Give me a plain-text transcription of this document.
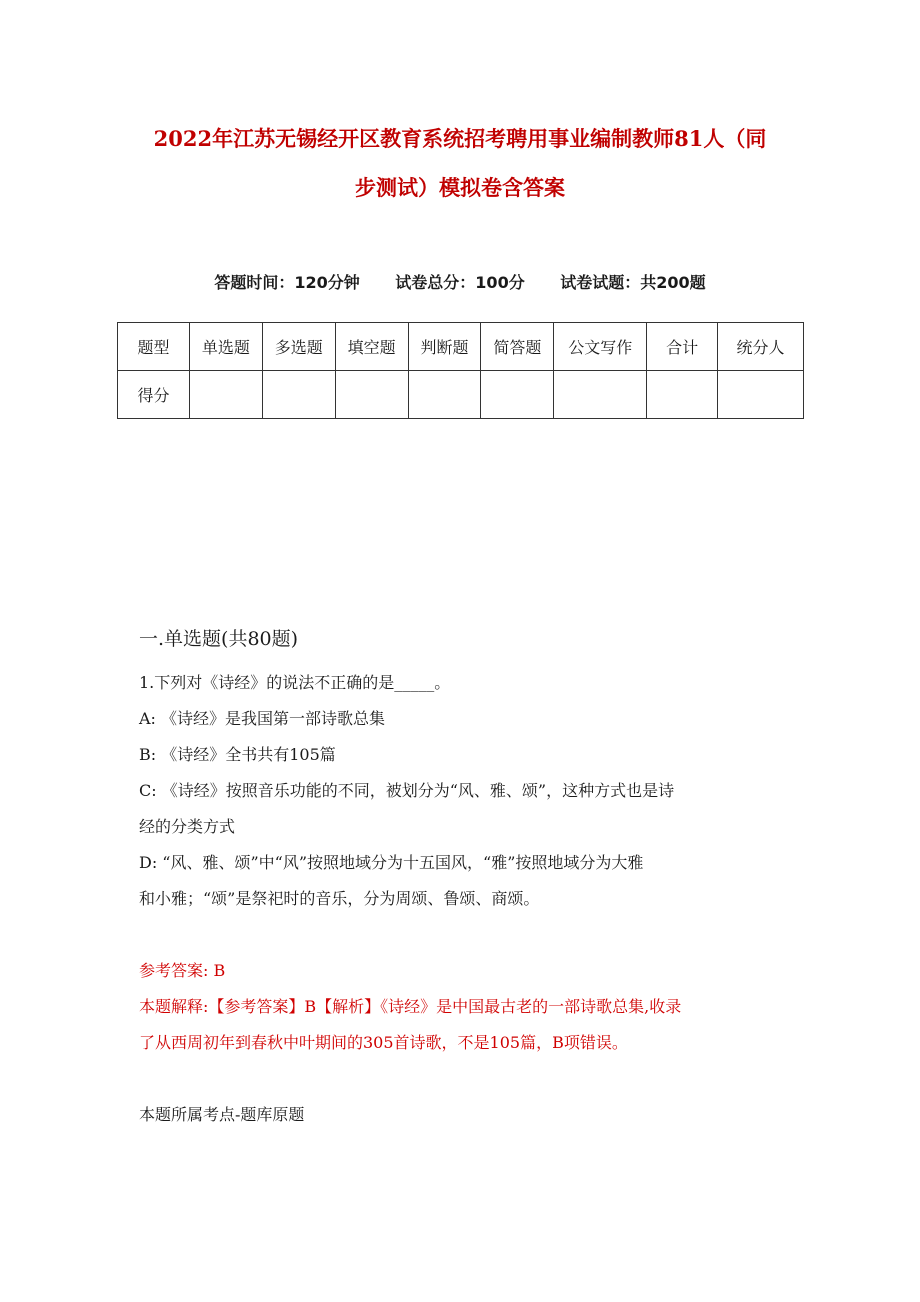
2022年江苏无锡经开区教育系统招考聘用事业编制教师81人（同
步测试）模拟卷含答案
答题时间：120分钟 试卷总分：100分 试卷试题：共200题
题型	单选题	多选题	填空题	判断题	简答题	公文写作	合计	统分人
得分								
一.单选题(共80题)
1.下列对《诗经》的说法不正确的是_____。
A: 《诗经》是我国第一部诗歌总集
B: 《诗经》全书共有105篇
C: 《诗经》按照音乐功能的不同，被划分为“风、雅、颂”，这种方式也是诗
经的分类方式
D: “风、雅、颂”中“风”按照地域分为十五国风，“雅”按照地域分为大雅
和小雅；“颂”是祭祀时的音乐，分为周颂、鲁颂、商颂。
参考答案: B
本题解释:【参考答案】B【解析】《诗经》是中国最古老的一部诗歌总集,收录
了从西周初年到春秋中叶期间的305首诗歌，不是105篇，B项错误。
本题所属考点-题库原题
